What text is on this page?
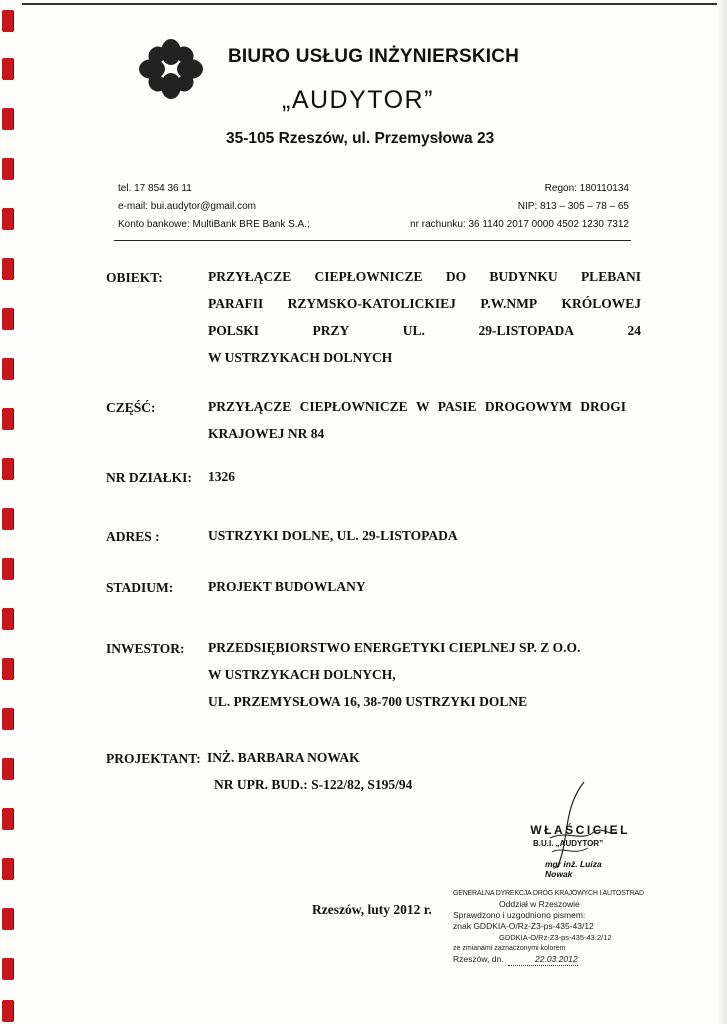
BIURO USŁUG INŻYNIERSKICH
„AUDYTOR”
35-105 Rzeszów, ul. Przemysłowa 23
tel. 17 854 36 11
e-mail: bui.audytor@gmail.com
Konto bankowe: MultiBank BRE Bank S.A.;
Regon: 180110134
NIP: 813 – 305 – 78 – 65
nr rachunku: 36 1140 2017 0000 4502 1230 7312
OBIEKT:	PRZYŁĄCZE CIEPŁOWNICZE DO BUDYNKU PLEBANI
PARAFII RZYMSKO-KATOLICKIEJ P.W.NMP KRÓLOWEJ
POLSKI	PRZY	UL.	29-LISTOPADA	24
W USTRZYKACH DOLNYCH
CZĘŚĆ:	PRZYŁĄCZE CIEPŁOWNICZE W PASIE DROGOWYM DROGI
KRAJOWEJ NR 84
NR DZIAŁKI: 1326
ADRES :	USTRZYKI DOLNE, UL. 29-LISTOPADA
STADIUM:	PROJEKT BUDOWLANY
INWESTOR: PRZEDSIĘBIORSTWO ENERGETYKI CIEPLNEJ SP. Z O.O.
W USTRZYKACH DOLNYCH,
UL. PRZEMYSŁOWA 16, 38-700 USTRZYKI DOLNE
PROJEKTANT: INŻ. BARBARA NOWAK
NR UPR. BUD.: S-122/82, S195/94
WŁAŚCICIEL
B.U.I. „AUDYTOR”
mgr inż. Luiza Nowak
Rzeszów, luty 2012 r.
GENERALNA DYREKCJA DRÓG KRAJOWYCH I AUTOSTRAD
Oddział w Rzeszowie
Sprawdzono i uzgodniono pismem:
znak GDDKIA-O/Rz-Z3-ps-435-43/12
GDDKIA-O/Rz-Z3-ps-435-43.2/12
ze zmianami zaznaczonymi kolorem
Rzeszów, dn.	22.03.2012
